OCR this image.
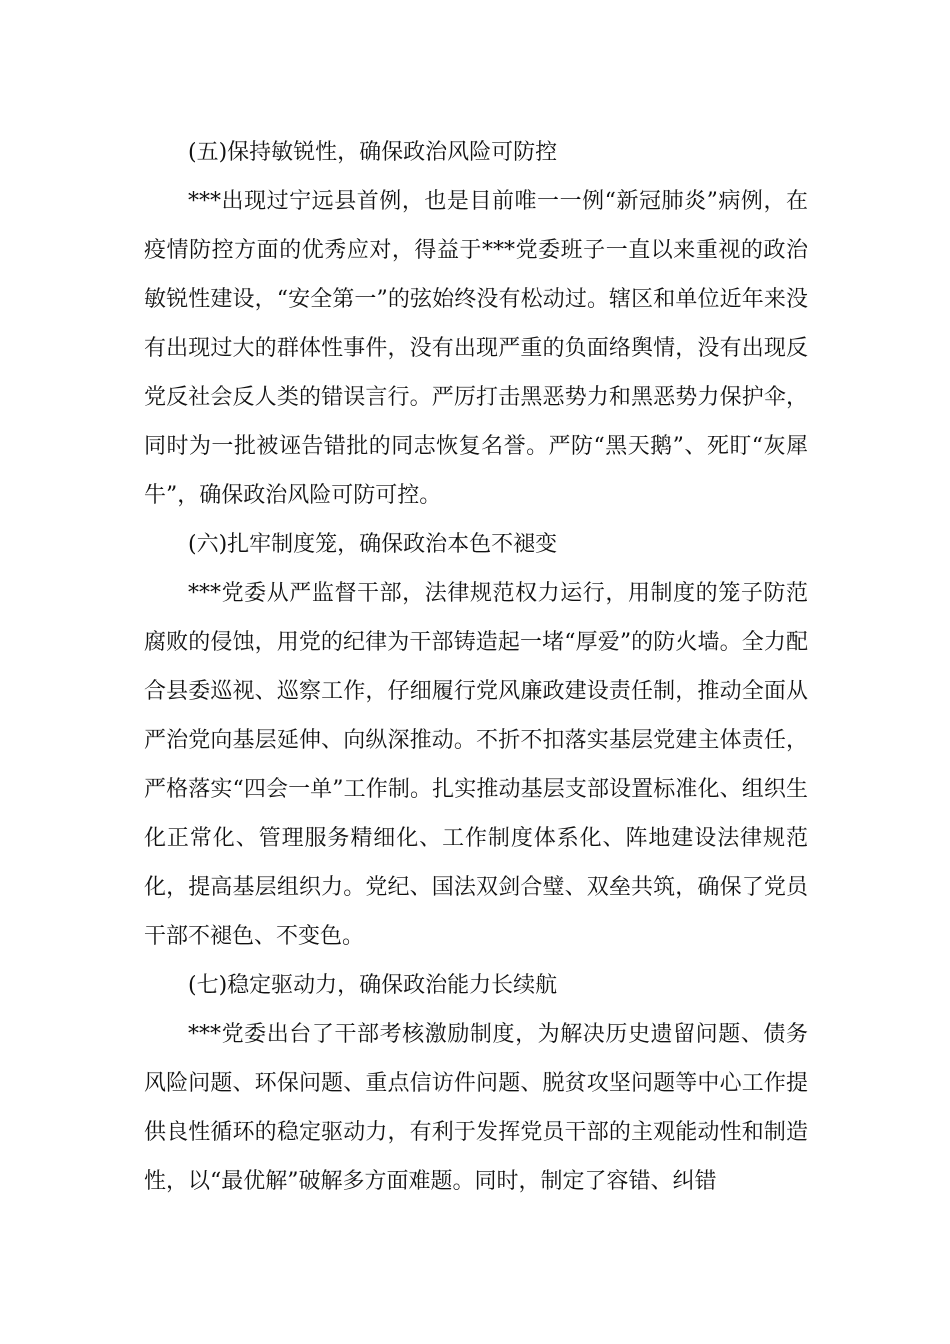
(五)保持敏锐性，确保政治风险可防控

***出现过宁远县首例，也是目前唯一一例“新冠肺炎”病例，在疫情防控方面的优秀应对，得益于***党委班子一直以来重视的政治敏锐性建设，“安全第一”的弦始终没有松动过。辖区和单位近年来没有出现过大的群体性事件，没有出现严重的负面络舆情，没有出现反党反社会反人类的错误言行。严厉打击黑恶势力和黑恶势力保护伞，同时为一批被诬告错批的同志恢复名誉。严防“黑天鹅”、死盯“灰犀牛”，确保政治风险可防可控。

(六)扎牢制度笼，确保政治本色不褪变

***党委从严监督干部，法律规范权力运行，用制度的笼子防范腐败的侵蚀，用党的纪律为干部铸造起一堵“厚爱”的防火墙。全力配合县委巡视、巡察工作，仔细履行党风廉政建设责任制，推动全面从严治党向基层延伸、向纵深推动。不折不扣落实基层党建主体责任，严格落实“四会一单”工作制。扎实推动基层支部设置标准化、组织生化正常化、管理服务精细化、工作制度体系化、阵地建设法律规范化，提高基层组织力。党纪、国法双剑合璧、双垒共筑，确保了党员干部不褪色、不变色。

(七)稳定驱动力，确保政治能力长续航

***党委出台了干部考核激励制度，为解决历史遗留问题、债务风险问题、环保问题、重点信访件问题、脱贫攻坚问题等中心工作提供良性循环的稳定驱动力，有利于发挥党员干部的主观能动性和制造性，以“最优解”破解多方面难题。同时，制定了容错、纠错
